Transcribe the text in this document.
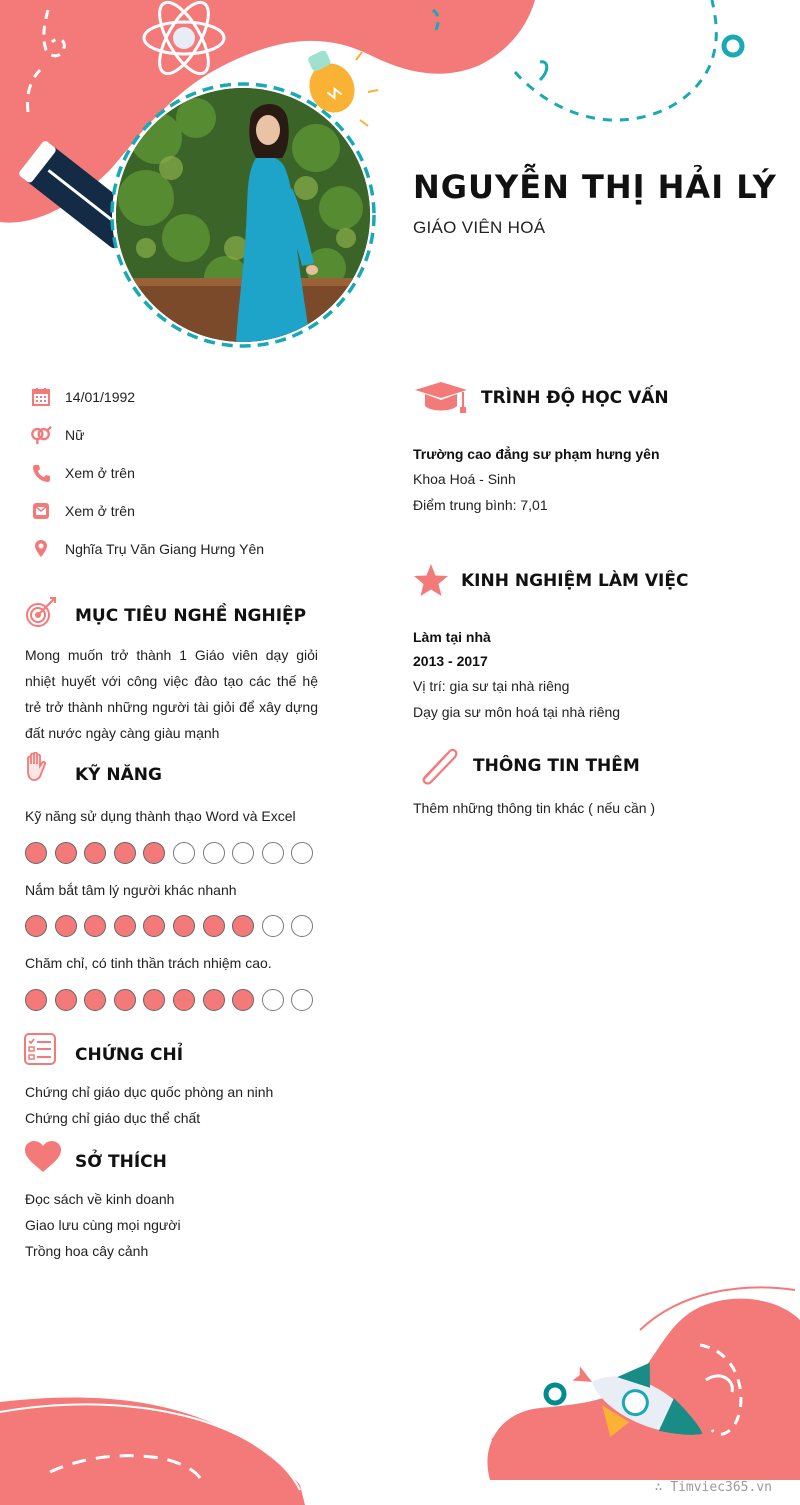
NGUYỄN THỊ HẢI LÝ
GIÁO VIÊN HOÁ
14/01/1992
Nữ
Xem ở trên
Xem ở trên
Nghĩa Trụ Văn Giang Hưng Yên
MỤC TIÊU NGHỀ NGHIỆP
Mong muốn trở thành 1 Giáo viên dạy giỏi nhiệt huyết với công việc đào tạo các thế hệ trẻ trở thành những người tài giỏi để xây dựng đất nước ngày càng giàu mạnh
KỸ NĂNG
Kỹ năng sử dụng thành thạo Word và Excel
Nắm bắt tâm lý người khác nhanh
Chăm chỉ, có tinh thần trách nhiệm cao.
CHỨNG CHỈ
Chứng chỉ giáo dục quốc phòng an ninh
Chứng chỉ giáo dục thể chất
SỞ THÍCH
Đọc sách về kinh doanh
Giao lưu cùng mọi người
Trồng hoa cây cảnh
TRÌNH ĐỘ HỌC VẤN
Trường cao đẳng sư phạm hưng yên
Khoa Hoá - Sinh
Điểm trung bình: 7,01
KINH NGHIỆM LÀM VIỆC
Làm tại nhà
2013 - 2017
Vị trí: gia sư tại nhà riêng
Dạy gia sư môn hoá tại nhà riêng
THÔNG TIN THÊM
Thêm những thông tin khác ( nếu cần )
∴ Timviec365.vn
